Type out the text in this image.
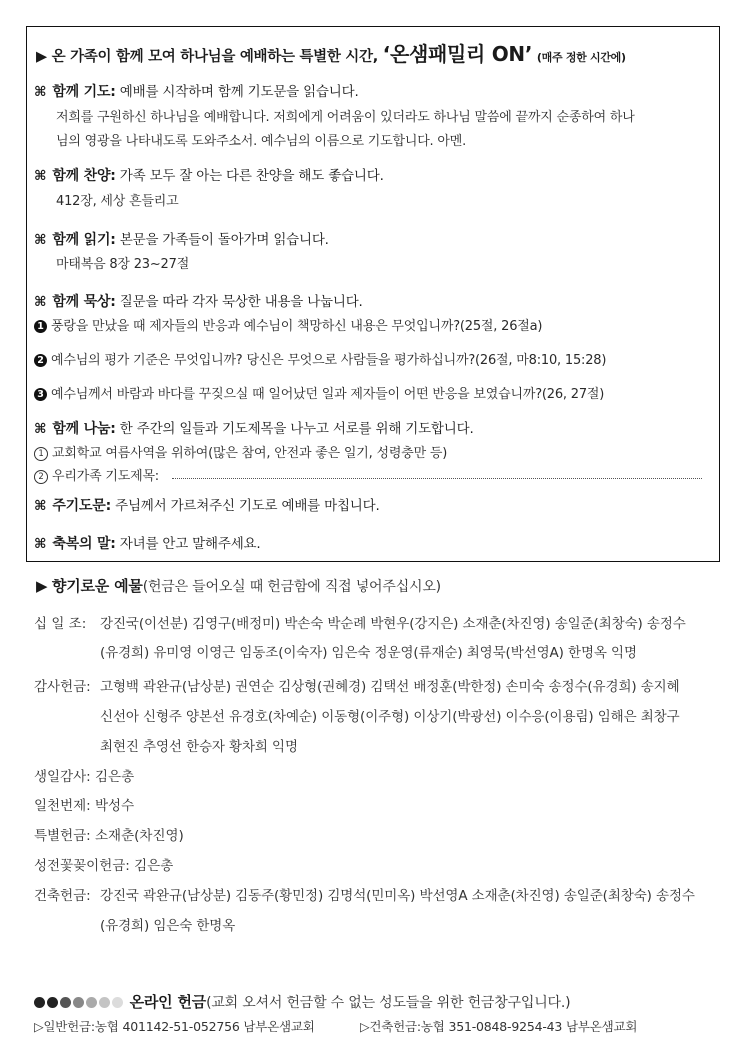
▶ 온 가족이 함께 모여 하나님을 예배하는 특별한 시간, ‘온샘패밀리 ON’ (매주 정한 시간에)
⌘ 함께 기도: 예배를 시작하며 함께 기도문을 읽습니다.
저희를 구원하신 하나님을 예배합니다. 저희에게 어려움이 있더라도 하나님 말씀에 끝까지 순종하여 하나
님의 영광을 나타내도록 도와주소서. 예수님의 이름으로 기도합니다. 아멘.
⌘ 함께 찬양: 가족 모두 잘 아는 다른 찬양을 해도 좋습니다.
412장, 세상 흔들리고
⌘ 함께 읽기: 본문을 가족들이 돌아가며 읽습니다.
마태복음 8장 23~27절
⌘ 함께 묵상: 질문을 따라 각자 묵상한 내용을 나눕니다.
1 풍랑을 만났을 때 제자들의 반응과 예수님이 책망하신 내용은 무엇입니까?(25절, 26절a)
2 예수님의 평가 기준은 무엇입니까? 당신은 무엇으로 사람들을 평가하십니까?(26절, 마8:10, 15:28)
3 예수님께서 바람과 바다를 꾸짖으실 때 일어났던 일과 제자들이 어떤 반응을 보였습니까?(26, 27절)
⌘ 함께 나눔: 한 주간의 일들과 기도제목을 나누고 서로를 위해 기도합니다.
1 교회학교 여름사역을 위하여(많은 참여, 안전과 좋은 일기, 성령충만 등)
2 우리가족 기도제목:
⌘ 주기도문: 주님께서 가르쳐주신 기도로 예배를 마칩니다.
⌘ 축복의 말: 자녀를 안고 말해주세요.
▶ 향기로운 예물(헌금은 들어오실 때 헌금함에 직접 넣어주십시오)
십 일 조: 강진국(이선분) 김영구(배정미) 박손숙 박순례 박현우(강지은) 소재춘(차진영) 송일준(최창숙) 송정수
(유경희) 유미영 이영근 임동조(이숙자) 임은숙 정운영(류재순) 최영묵(박선영A) 한명옥 익명
감사헌금: 고형백 곽완규(남상분) 권연순 김상형(권혜경) 김택선 배정훈(박한정) 손미숙 송정수(유경희) 송지혜
신선아 신형주 양본선 유경호(차예순) 이동형(이주형) 이상기(박광선) 이수응(이용림) 임해은 최창구
최현진 추영선 한승자 황차희 익명
생일감사: 김은총
일천번제: 박성수
특별헌금: 소재춘(차진영)
성전꽃꽂이헌금: 김은총
건축헌금: 강진국 곽완규(남상분) 김동주(황민정) 김명석(민미옥) 박선영A 소재춘(차진영) 송일준(최창숙) 송정수
(유경희) 임은숙 한명옥
온라인 헌금(교회 오셔서 헌금할 수 없는 성도들을 위한 헌금창구입니다.)
▷일반헌금:농협 401142-51-052756 남부온샘교회	▷건축헌금:농협 351-0848-9254-43 남부온샘교회
